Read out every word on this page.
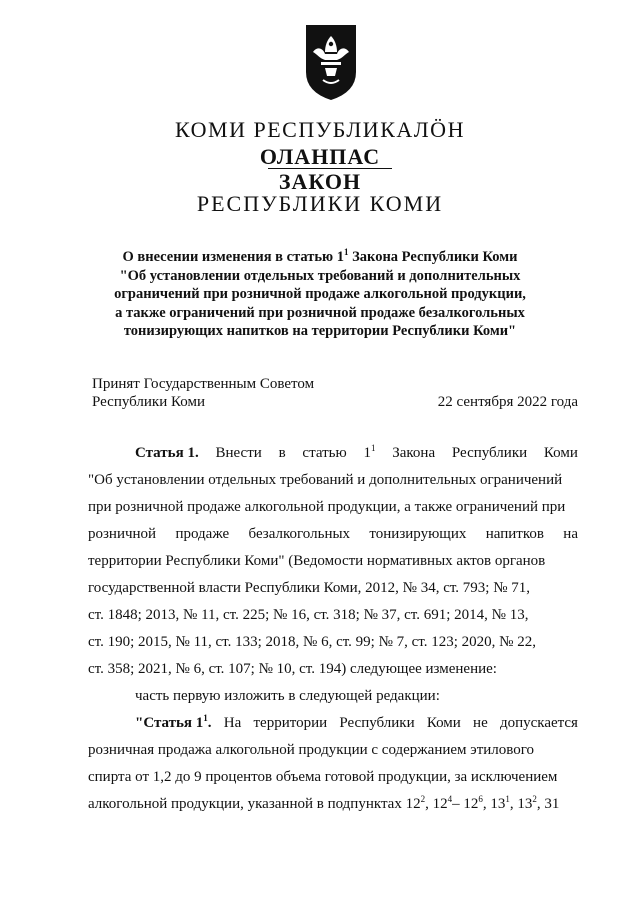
КОМИ РЕСПУБЛИКАЛӦН
ОЛАНПАС
ЗАКОН
РЕСПУБЛИКИ КОМИ
О внесении изменения в статью $1^1$ Закона Республики Коми
"Об установлении отдельных требований и дополнительных
ограничений при розничной продаже алкогольной продукции,
а также ограничений при розничной продаже безалкогольных
тонизирующих напитков на территории Республики Коми"
Принят Государственным Советом
Республики Коми	22 сентября 2022 года
Статья 1. Внести в статью $1^1$ Закона Республики Коми
"Об установлении отдельных требований и дополнительных ограничений
при розничной продаже алкогольной продукции, а также ограничений при
розничной продаже безалкогольных тонизирующих напитков на
территории Республики Коми" (Ведомости нормативных актов органов
государственной власти Республики Коми, 2012, № 34, ст. 793; № 71,
ст. 1848; 2013, № 11, ст. 225; № 16, ст. 318; № 37, ст. 691; 2014, № 13,
ст. 190; 2015, № 11, ст. 133; 2018, № 6, ст. 99; № 7, ст. 123; 2020, № 22,
ст. 358; 2021, № 6, ст. 107; № 10, ст. 194) следующее изменение:
часть первую изложить в следующей редакции:
"Статья $1^1$. На территории Республики Коми не допускается
розничная продажа алкогольной продукции с содержанием этилового
спирта от 1,2 до 9 процентов объема готовой продукции, за исключением
алкогольной продукции, указанной в подпунктах $12^2$, $12^4-$ $12^6$, $13^1$, $13^2$, 31
